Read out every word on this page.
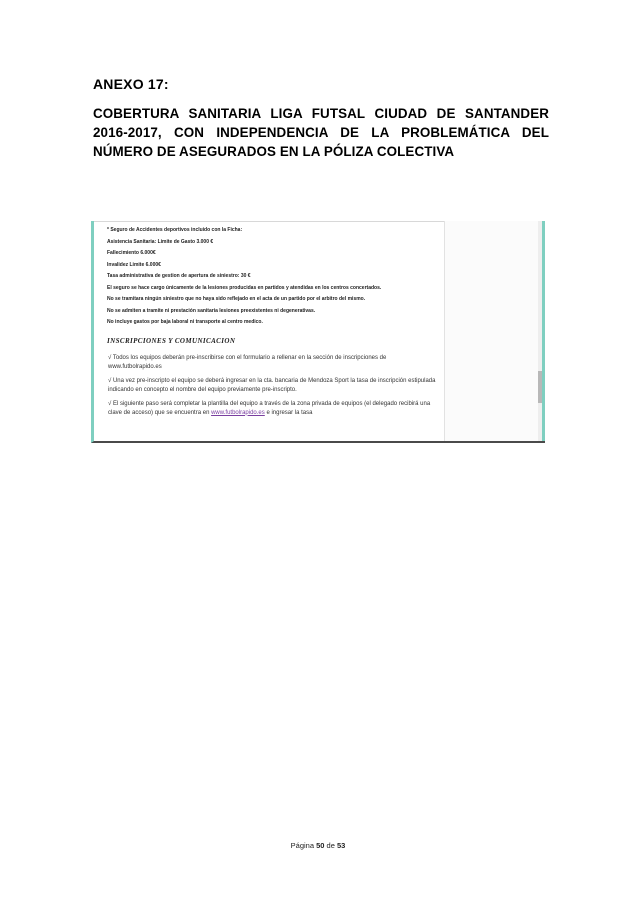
ANEXO 17:
COBERTURA SANITARIA LIGA FUTSAL CIUDAD DE SANTANDER 2016-2017, CON INDEPENDENCIA DE LA PROBLEMÁTICA DEL NÚMERO DE ASEGURADOS EN LA PÓLIZA COLECTIVA
* Seguro de Accidentes deportivos incluido con la Ficha:
Asistencia Sanitaria: Limite de Gasto 3.000 €
Fallecimiento 6.000€
Invalidez Limite 6.000€
Tasa administrativa de gestion de apertura de siniestro: 30 €
El seguro se hace cargo únicamente de la lesiones producidas en partidos y atendidas en los centros concertados.
No se tramitara ningún siniestro que no haya sido reflejado en el acta de un partido por el arbitro del mismo.
No se admiten a tramite ni prestación sanitaria lesiones preexistentes ni degenerativas.
No incluye gastos por baja laboral ni transporte al centro medico.
INSCRIPCIONES Y COMUNICACION
√ Todos los equipos deberán pre-inscribirse con el formulario a rellenar en la sección de inscripciones de www.futbolrapido.es
√ Una vez pre-inscripto el equipo se deberá ingresar en la cta. bancaria de Mendoza Sport la tasa de inscripción estipulada indicando en concepto el nombre del equipo previamente pre-inscripto.
√ El siguiente paso será completar la plantilla del equipo a través de la zona privada de equipos (el delegado recibirá una clave de acceso) que se encuentra en www.futbolrapido.es e ingresar la tasa
Página 50 de 53
